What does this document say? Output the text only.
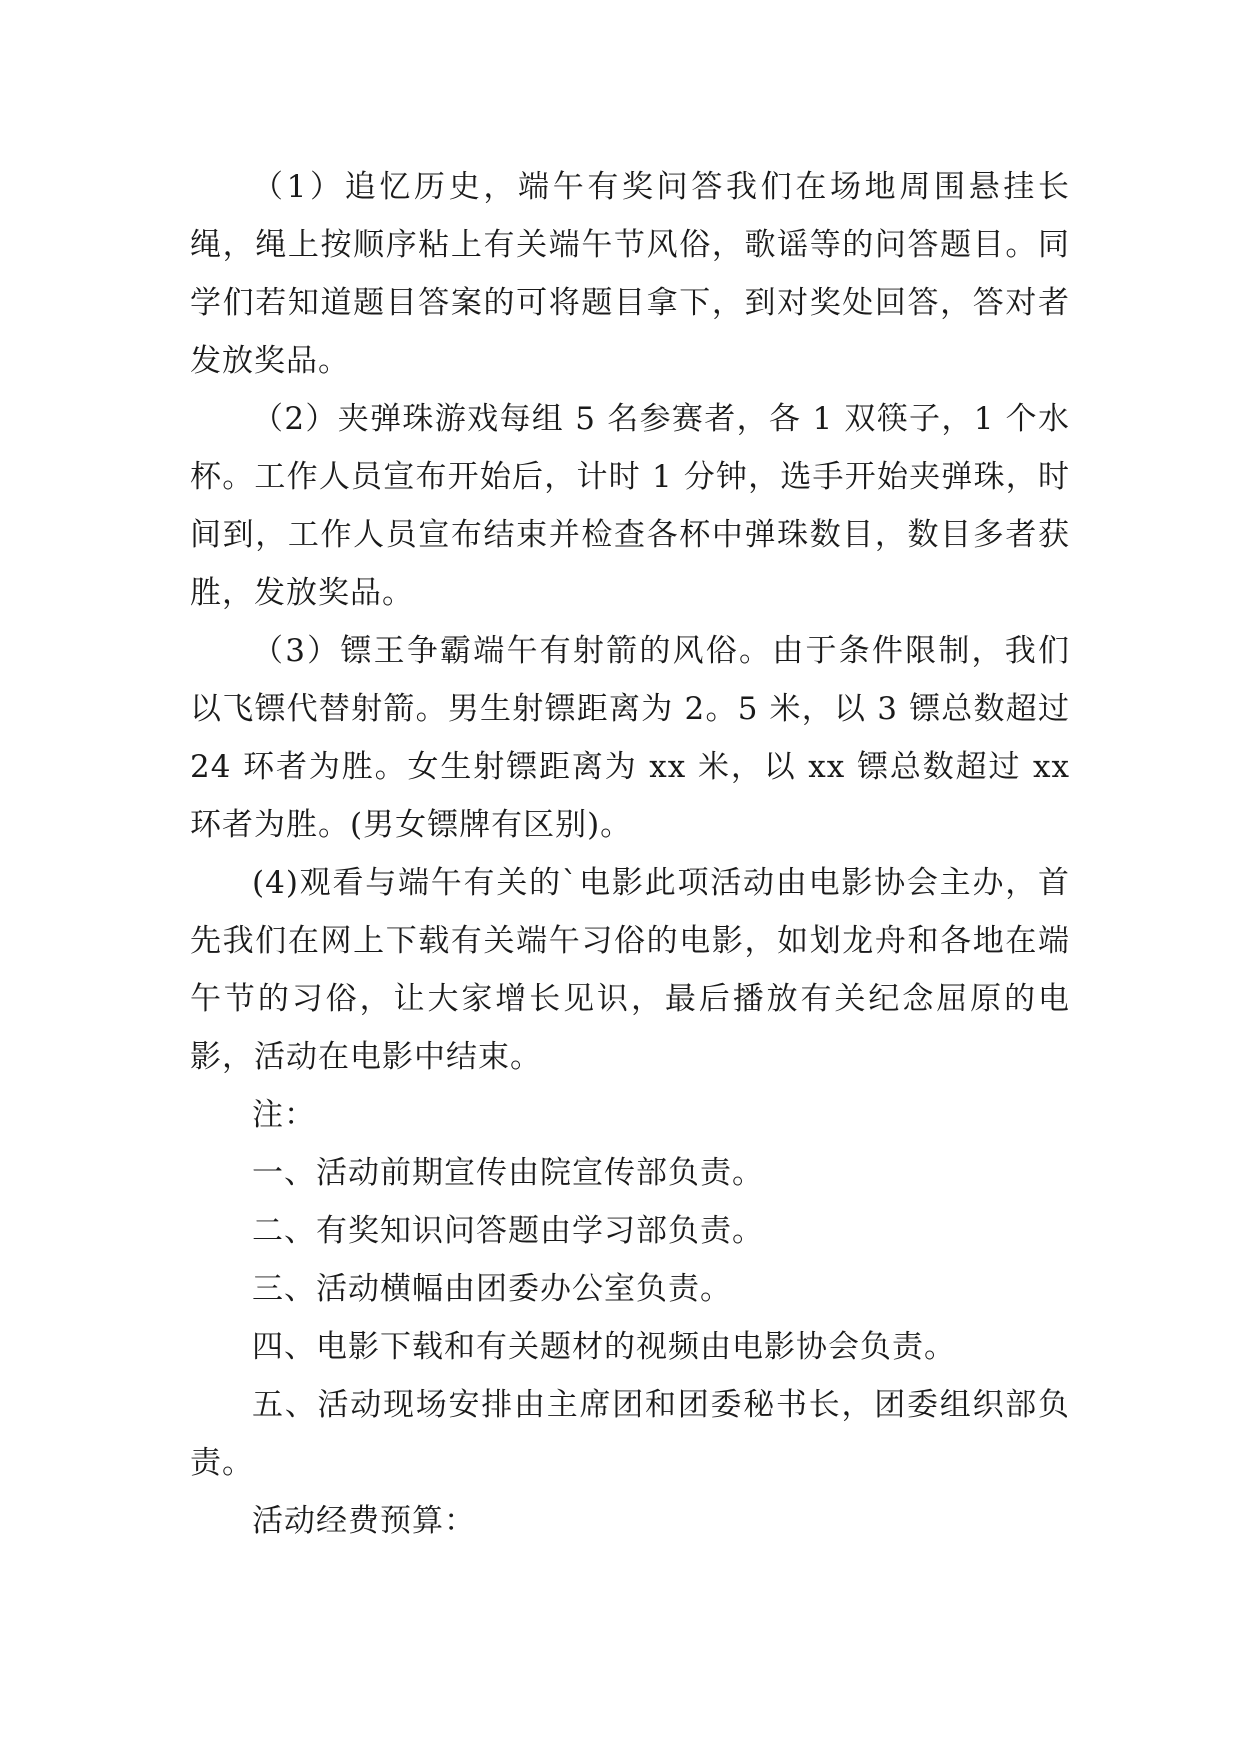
（1）追忆历史，端午有奖问答我们在场地周围悬挂长绳，绳上按顺序粘上有关端午节风俗，歌谣等的问答题目。同学们若知道题目答案的可将题目拿下，到对奖处回答，答对者发放奖品。

（2）夹弹珠游戏每组 5 名参赛者，各 1 双筷子，1 个水杯。工作人员宣布开始后，计时 1 分钟，选手开始夹弹珠，时间到，工作人员宣布结束并检查各杯中弹珠数目，数目多者获胜，发放奖品。

（3）镖王争霸端午有射箭的风俗。由于条件限制，我们以飞镖代替射箭。男生射镖距离为 2。5 米，以 3 镖总数超过 24 环者为胜。女生射镖距离为 xx 米，以 xx 镖总数超过 xx 环者为胜。(男女镖牌有区别)。

(4)观看与端午有关的`电影此项活动由电影协会主办，首先我们在网上下载有关端午习俗的电影，如划龙舟和各地在端午节的习俗，让大家增长见识，最后播放有关纪念屈原的电影，活动在电影中结束。

注：

一、活动前期宣传由院宣传部负责。

二、有奖知识问答题由学习部负责。

三、活动横幅由团委办公室负责。

四、电影下载和有关题材的视频由电影协会负责。

五、活动现场安排由主席团和团委秘书长，团委组织部负责。

活动经费预算：
